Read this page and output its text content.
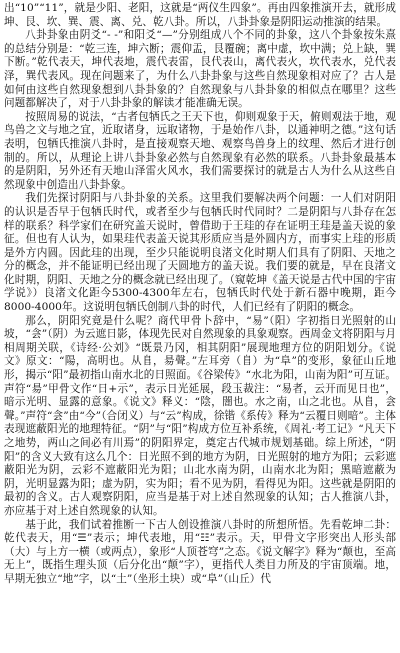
出“10”“11”，就是少阳、老阳，这就是“两仪生四象”。再由四象推演开去，就形成坤、艮、坎、巽、震、离、兑、乾八卦。所以，八卦卦象是阴阳运动推演的结果。

八卦卦象由阴爻“- -”和阳爻“—”分别组成八个不同的卦象，这八个卦象按朱熹的总结分别是：“乾三连，坤六断；震仰盂，艮覆碗；离中虚，坎中满；兑上缺，巽下断。”乾代表天，坤代表地，震代表雷，艮代表山，离代表火，坎代表水，兑代表泽，巽代表风。现在问题来了，为什么八卦卦象与这些自然现象相对应了？古人是如何由这些自然现象想到八卦卦象的？自然现象与八卦卦象的相似点在哪里？这些问题都解决了，对于八卦卦象的解读才能准确无误。

按照周易的说法，“古者包牺氏之王天下也，仰则观象于天，俯则观法于地，观鸟兽之文与地之宜，近取诸身，远取诸物，于是始作八卦，以通神明之德。”这句话表明，包牺氏推演八卦时，是直接观察天地、观察鸟兽身上的纹理、然后才进行创制的。所以，从理论上讲八卦卦象必然与自然现象有必然的联系。八卦卦象最基本的是阴阳，另外还有天地山泽雷火风水，我们需要探讨的就是古人为什么从这些自然现象中创造出八卦卦象。

我们先探讨阴阳与八卦卦象的关系。这里我们要解决两个问题：一人们对阴阳的认识是否早于包牺氏时代，或者至少与包牺氏时代同时？二是阴阳与八卦存在怎样的联系？科学家们在研究盖天说时，曾借助于王珪的存在证明王珪是盖天说的象征。但也有人认为，如果珪代表盖天说其形质应当是外圆内方，而事实上珪的形质是外方内圆。因此珪的出现，至少只能说明良渚文化时期人们具有了阴阳、天地之分的概念，并不能证明已经出现了天圆地方的盖天说。我们要的就是，早在良渚文化时期，阴阳、天地之分的概念就已经出现了。（窥乾坤《盖天说是古代中国的宇宙学说》）良渚文化距今5300-4300年左右，包牺氏时代处于新石器中晚期，距今8000-4000年。这说明包牺氏创制八卦的时代，人们已经有了阴阳的概念。

那么，阴阳究竟是什么呢？商代甲骨卜辞中，“易”（阳）字初指日光照射的山坡，“侌”（阴）为云遮日影，体现先民对自然现象的具象观察。西周金文将阴阳与月相周期关联，《诗经·公刘》“既景乃冈，相其阴阳”展现地理方位的阴阳划分。《说文》原文：“陽，高明也。从𨸏，昜聲。”左耳旁（𨸏）为“阜”的变形，象征山丘地形，揭示“阳”最初指山南水北的日照面。《谷梁传》“水北为阳，山南为阳”可互证。声符“昜”甲骨文作“日+示”，表示日光延展，段玉裁注：“易者，云开而见日也”，暗示光明、显露的意象。《说文》释义：“陰，闇也。水之南，山之北也。从𨸏，侌聲。”声符“侌”由“今”（合闭义）与“云”构成，徐锴《系传》释为“云覆日则暗”。主体表现遮蔽阳光的地理特征。“阴”与“阳”构成方位互补系统，《周礼·考工记》“凡天下之地势，两山之间必有川焉”的阴阳界定，奠定古代城市规划基础。综上所述，“阴阳”的含义大致有这么几个：日光照不到的地方为阴，日光照射的地方为阳；云彩遮蔽阳光为阴，云彩不遮蔽阳光为阳；山北水南为阴，山南水北为阳；黑暗遮蔽为阴，光明显露为阳；虚为阴，实为阳；看不见为阴，看得见为阳。这些就是阴阳的最初的含义。古人观察阴阳，应当是基于对上述自然现象的认知；古人推演八卦，亦应基于对上述自然现象的认知。

基于此，我们试着推断一下古人创设推演八卦时的所想所悟。先看乾坤二卦：乾代表天，用“☰”表示；坤代表地，用“☷”表示。天，甲骨文字形突出人形头部（大）与上方一横（或两点），象形“人顶苍穹”之态。《说文解字》释为“颠也，至高无上”，既指生理头顶（后分化出“颠”字），更指代人类目力所及的宇宙顶端。地，早期无独立“地”字，以“土”（坐形土块）或“阜”（山丘）代
